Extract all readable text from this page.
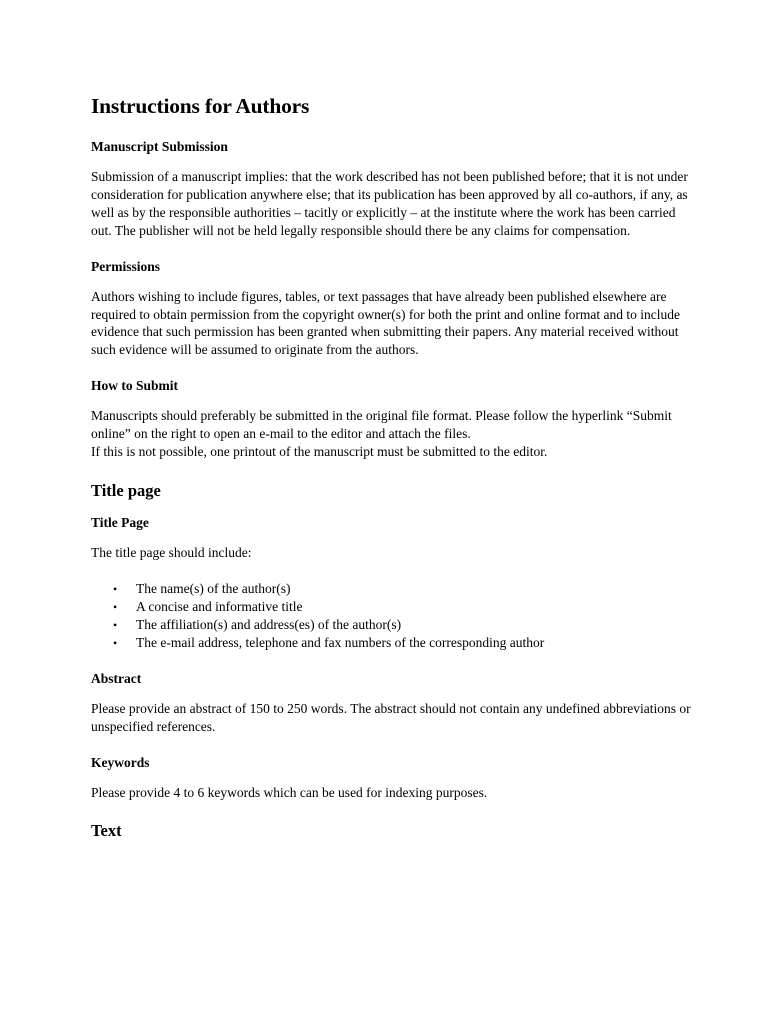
Instructions for Authors
Manuscript Submission

Submission of a manuscript implies: that the work described has not been published before; that it is not under consideration for publication anywhere else; that its publication has been approved by all co-authors, if any, as well as by the responsible authorities – tacitly or explicitly – at the institute where the work has been carried out. The publisher will not be held legally responsible should there be any claims for compensation.

Permissions

Authors wishing to include figures, tables, or text passages that have already been published elsewhere are required to obtain permission from the copyright owner(s) for both the print and online format and to include evidence that such permission has been granted when submitting their papers. Any material received without such evidence will be assumed to originate from the authors.

How to Submit

Manuscripts should preferably be submitted in the original file format. Please follow the hyperlink “Submit online” on the right to open an e-mail to the editor and attach the files.
If this is not possible, one printout of the manuscript must be submitted to the editor.

Title page
Title Page

The title page should include:

• The name(s) of the author(s)
• A concise and informative title
• The affiliation(s) and address(es) of the author(s)
• The e-mail address, telephone and fax numbers of the corresponding author
Abstract

Please provide an abstract of 150 to 250 words. The abstract should not contain any undefined abbreviations or unspecified references.

Keywords

Please provide 4 to 6 keywords which can be used for indexing purposes.

Text
